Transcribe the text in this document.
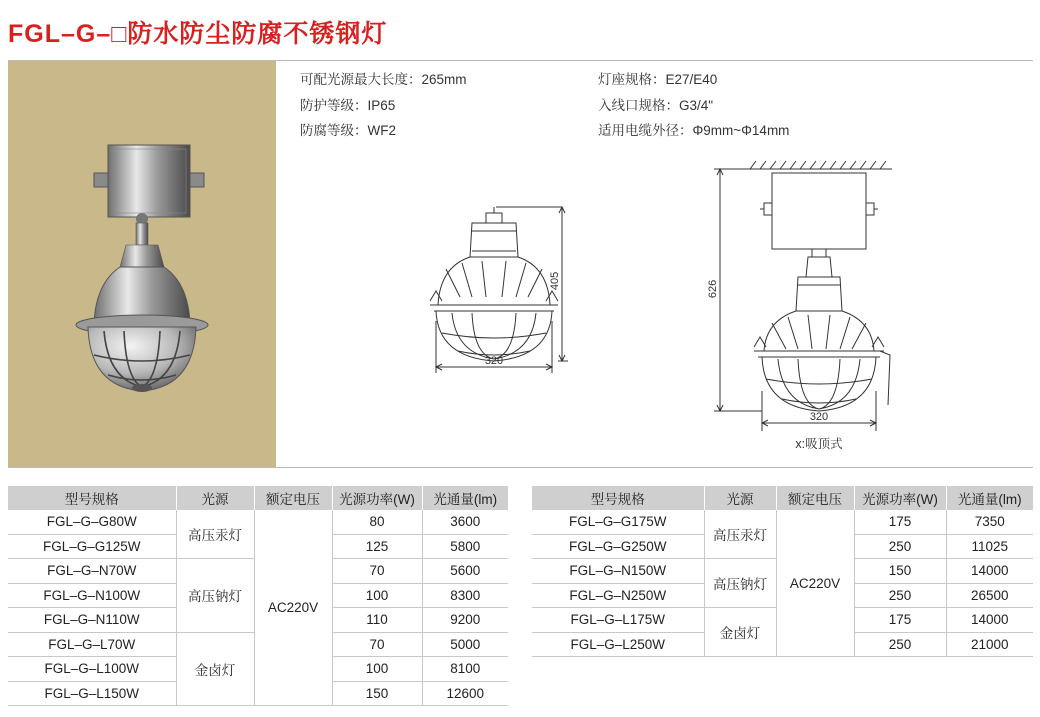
FGL–G–□防水防尘防腐不锈钢灯
可配光源最大长度：265mm
防护等级：IP65
防腐等级：WF2
灯座规格：E27/E40
入线口规格：G3/4"
适用电缆外径：Φ9mm~Φ14mm
320
405
320
626
x:吸顶式
型号规格	光源	额定电压	光源功率(W)	光通量(lm)
FGL–G–G80W	高压汞灯	AC220V	80	3600
FGL–G–G125W			125	5800
FGL–G–N70W	高压钠灯		70	5600
FGL–G–N100W			100	8300
FGL–G–N110W			110	9200
FGL–G–L70W	金卤灯		70	5000
FGL–G–L100W			100	8100
FGL–G–L150W			150	12600
型号规格	光源	额定电压	光源功率(W)	光通量(lm)
FGL–G–G175W	高压汞灯	AC220V	175	7350
FGL–G–G250W			250	11025
FGL–G–N150W	高压钠灯		150	14000
FGL–G–N250W			250	26500
FGL–G–L175W	金卤灯		175	14000
FGL–G–L250W			250	21000
